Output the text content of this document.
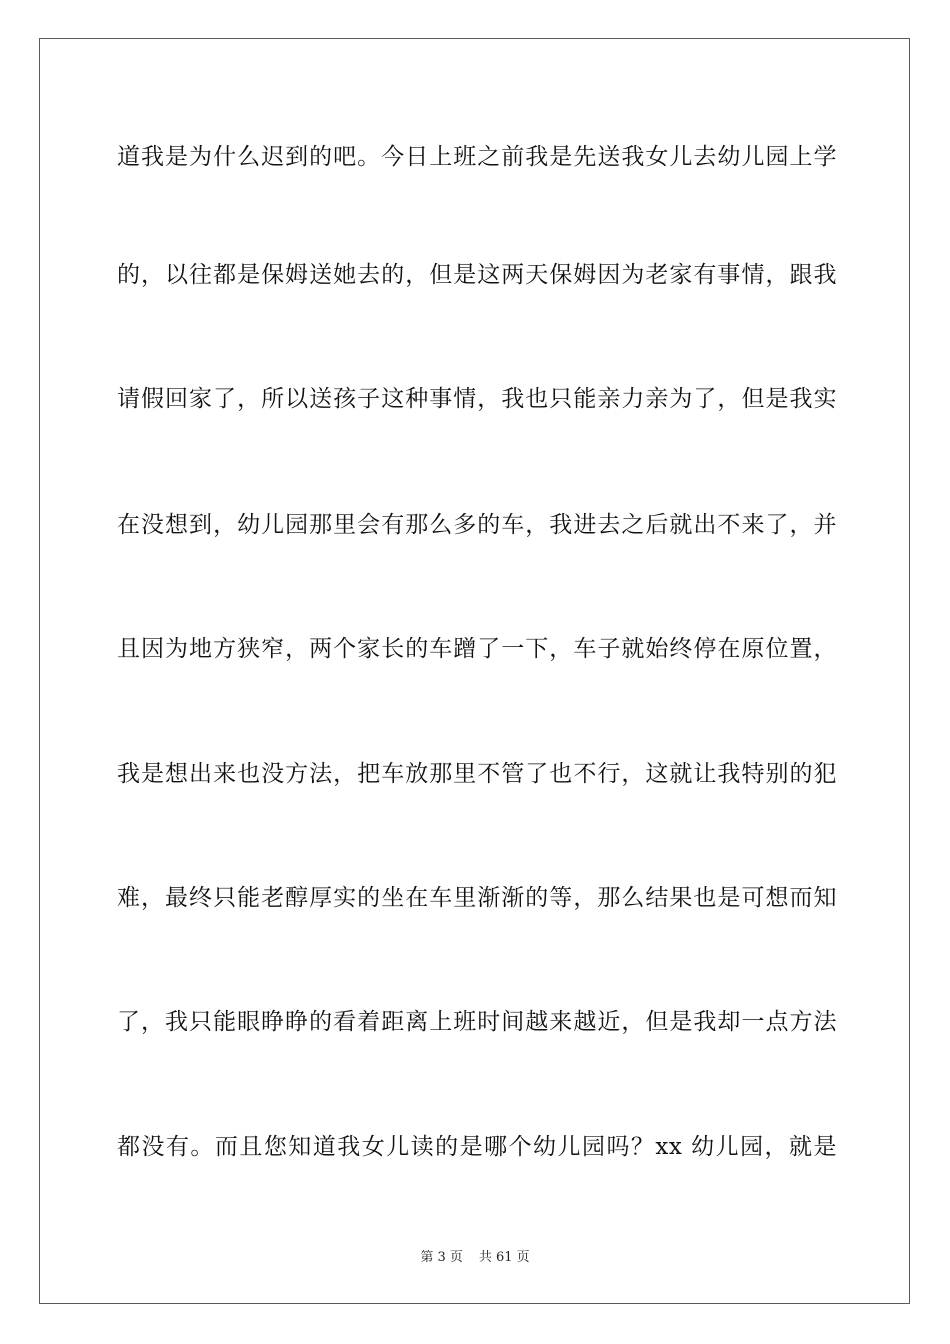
道我是为什么迟到的吧。今日上班之前我是先送我女儿去幼儿园上学
的，以往都是保姆送她去的，但是这两天保姆因为老家有事情，跟我
请假回家了，所以送孩子这种事情，我也只能亲力亲为了，但是我实
在没想到，幼儿园那里会有那么多的车，我进去之后就出不来了，并
且因为地方狭窄，两个家长的车蹭了一下，车子就始终停在原位置，
我是想出来也没方法，把车放那里不管了也不行，这就让我特别的犯
难，最终只能老醇厚实的坐在车里渐渐的等，那么结果也是可想而知
了，我只能眼睁睁的看着距离上班时间越来越近，但是我却一点方法
都没有。而且您知道我女儿读的是哪个幼儿园吗？xx 幼儿园，就是
第 3 页 共 61 页
